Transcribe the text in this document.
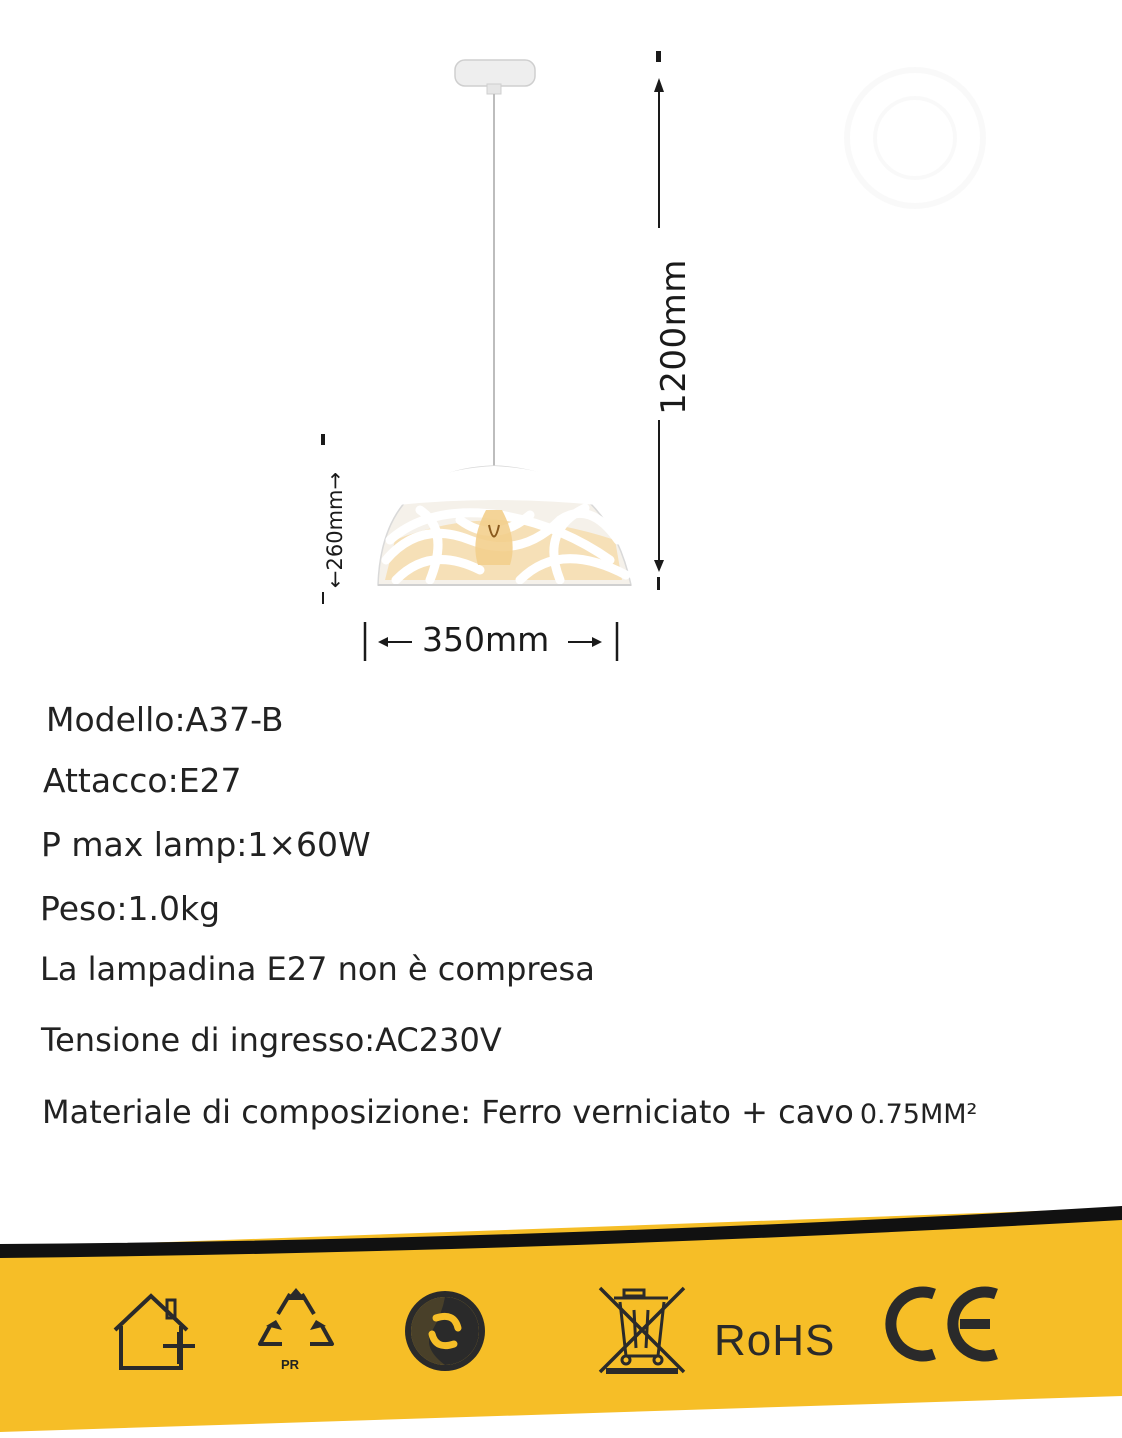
1200mm
←260mm→
350mm

Modello:A37-B

Attacco:E27

P max lamp:1×60W

Peso:1.0kg

La lampadina E27 non è compresa

Tensione di ingresso:AC230V

Materiale di composizione: Ferro verniciato + cavo 0.75MM²

PR	RoHS
